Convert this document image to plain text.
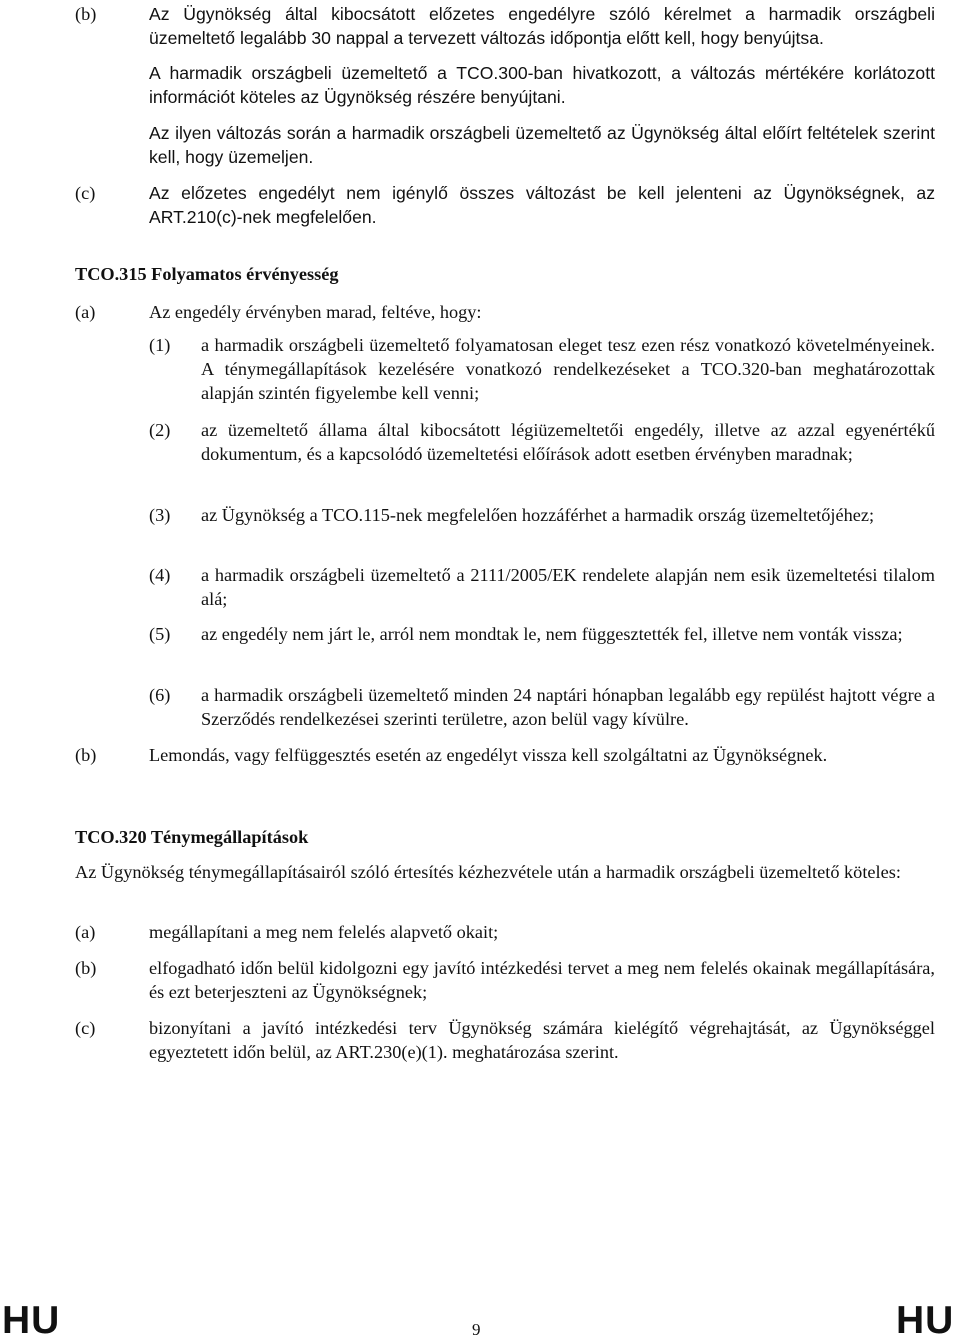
(b)	Az Ügynökség által kibocsátott előzetes engedélyre szóló kérelmet a harmadik országbeli üzemeltető legalább 30 nappal a tervezett változás időpontja előtt kell, hogy benyújtsa.
A harmadik országbeli üzemeltető a TCO.300-ban hivatkozott, a változás mértékére korlátozott információt köteles az Ügynökség részére benyújtani.
Az ilyen változás során a harmadik országbeli üzemeltető az Ügynökség által előírt feltételek szerint kell, hogy üzemeljen.
(c)	Az előzetes engedélyt nem igénylő összes változást be kell jelenteni az Ügynökségnek, az ART.210(c)-nek megfelelően.
TCO.315 Folyamatos érvényesség
(a)	Az engedély érvényben marad, feltéve, hogy:
(1) a harmadik országbeli üzemeltető folyamatosan eleget tesz ezen rész vonatkozó követelményeinek. A ténymegállapítások kezelésére vonatkozó rendelkezéseket a TCO.320-ban meghatározottak alapján szintén figyelembe kell venni;
(2) az üzemeltető állama által kibocsátott légiüzemeltetői engedély, illetve az azzal egyenértékű dokumentum, és a kapcsolódó üzemeltetési előírások adott esetben érvényben maradnak;
(3) az Ügynökség a TCO.115-nek megfelelően hozzáférhet a harmadik ország üzemeltetőjéhez;
(4) a harmadik országbeli üzemeltető a 2111/2005/EK rendelete alapján nem esik üzemeltetési tilalom alá;
(5) az engedély nem járt le, arról nem mondtak le, nem függesztették fel, illetve nem vonták vissza;
(6) a harmadik országbeli üzemeltető minden 24 naptári hónapban legalább egy repülést hajtott végre a Szerződés rendelkezései szerinti területre, azon belül vagy kívülre.
(b)	Lemondás, vagy felfüggesztés esetén az engedélyt vissza kell szolgáltatni az Ügynökségnek.
TCO.320 Ténymegállapítások
Az Ügynökség ténymegállapításairól szóló értesítés kézhezvétele után a harmadik országbeli üzemeltető köteles:
(a)	megállapítani a meg nem felelés alapvető okait;
(b)	elfogadható időn belül kidolgozni egy javító intézkedési tervet a meg nem felelés okainak megállapítására, és ezt beterjeszteni az Ügynökségnek;
(c)	bizonyítani a javító intézkedési terv Ügynökség számára kielégítő végrehajtását, az Ügynökséggel egyeztetett időn belül, az ART.230(e)(1). meghatározása szerint.
HU	9	HU
